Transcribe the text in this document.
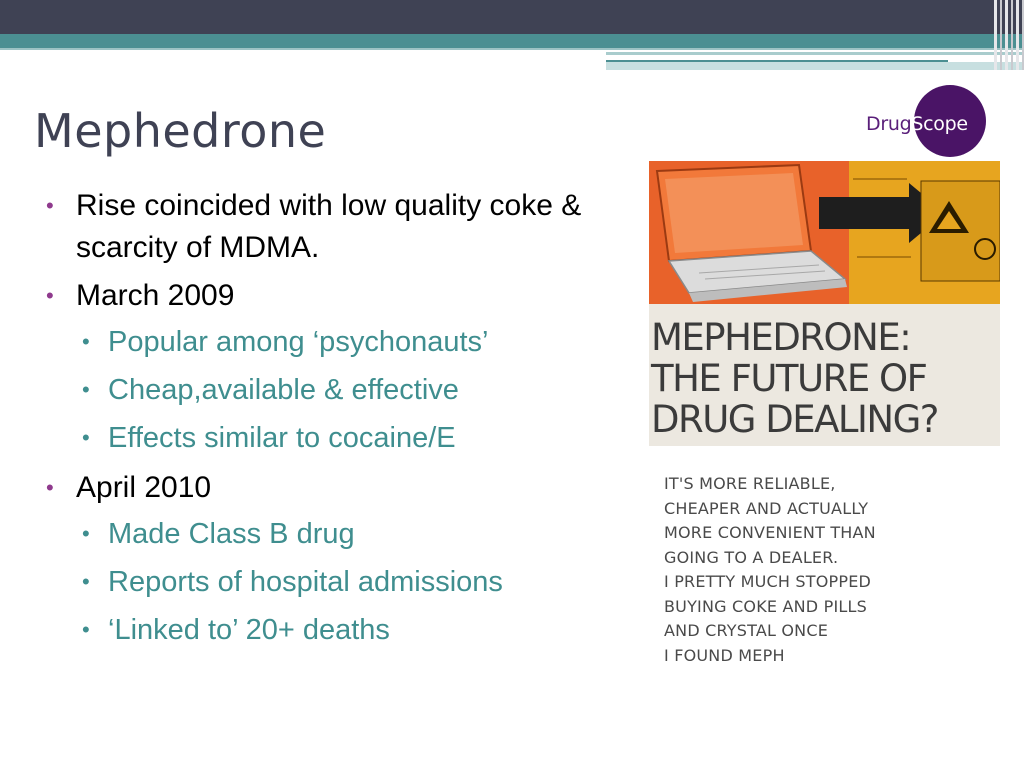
Mephedrone
• Rise coincided with low quality coke & scarcity of MDMA.
• March 2009
• Popular among ‘psychonauts’
• Cheap,available & effective
• Effects similar to cocaine/E
• April 2010
• Made Class B drug
• Reports of hospital admissions
• ‘Linked to’ 20+ deaths
DrugScope
MEPHEDRONE:
THE FUTURE OF
DRUG DEALING?
IT'S MORE RELIABLE,
CHEAPER AND ACTUALLY
MORE CONVENIENT THAN
GOING TO A DEALER.
I PRETTY MUCH STOPPED
BUYING COKE AND PILLS
AND CRYSTAL ONCE
I FOUND MEPH
